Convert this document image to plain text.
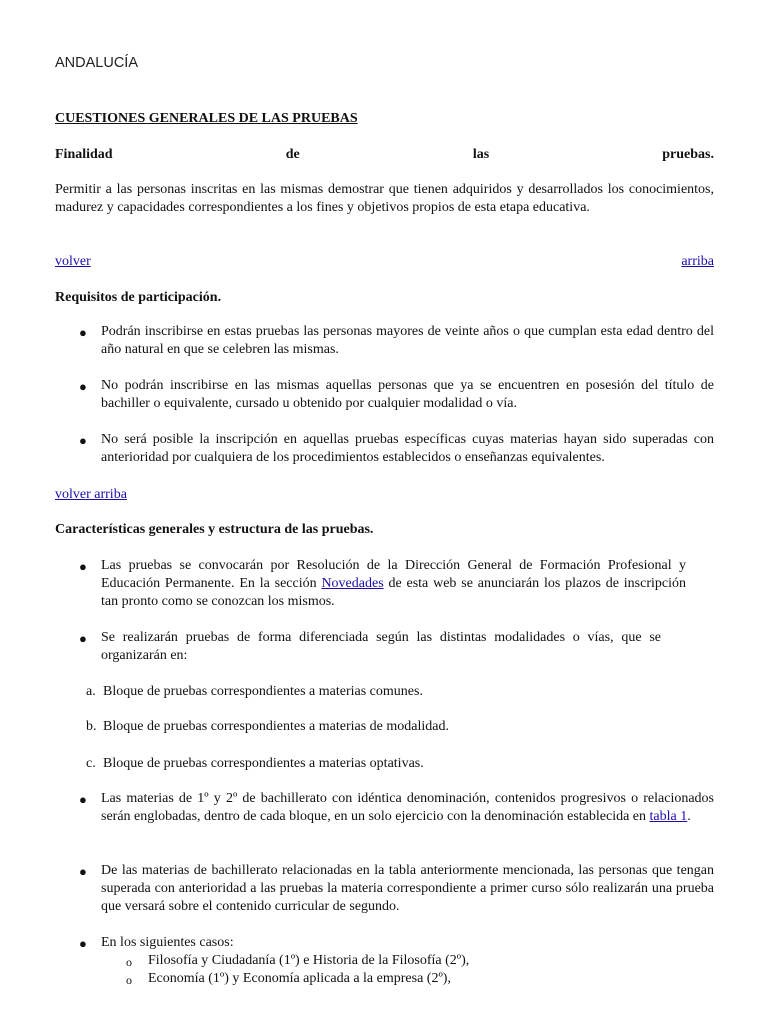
ANDALUCÍA
CUESTIONES GENERALES DE LAS PRUEBAS
Finalidad	de	las	pruebas.
Permitir a las personas inscritas en las mismas demostrar que tienen adquiridos y desarrollados los conocimientos, madurez y capacidades correspondientes a los fines y objetivos propios de esta etapa educativa.
volver	arriba
Requisitos de participación.
● Podrán inscribirse en estas pruebas las personas mayores de veinte años o que cumplan esta edad dentro del año natural en que se celebren las mismas.
● No podrán inscribirse en las mismas aquellas personas que ya se encuentren en posesión del título de bachiller o equivalente, cursado u obtenido por cualquier modalidad o vía.
● No será posible la inscripción en aquellas pruebas específicas cuyas materias hayan sido superadas con anterioridad por cualquiera de los procedimientos establecidos o enseñanzas equivalentes.
volver arriba
Características generales y estructura de las pruebas.
● Las pruebas se convocarán por Resolución de la Dirección General de Formación Profesional y Educación Permanente. En la sección Novedades de esta web se anunciarán los plazos de inscripción tan pronto como se conozcan los mismos.
● Se realizarán pruebas de forma diferenciada según las distintas modalidades o vías, que se organizarán en:
a. Bloque de pruebas correspondientes a materias comunes.
b. Bloque de pruebas correspondientes a materias de modalidad.
c. Bloque de pruebas correspondientes a materias optativas.
● Las materias de 1º y 2º de bachillerato con idéntica denominación, contenidos progresivos o relacionados serán englobadas, dentro de cada bloque, en un solo ejercicio con la denominación establecida en tabla 1.
● De las materias de bachillerato relacionadas en la tabla anteriormente mencionada, las personas que tengan superada con anterioridad a las pruebas la materia correspondiente a primer curso sólo realizarán una prueba que versará sobre el contenido curricular de segundo.
● En los siguientes casos:
o Filosofía y Ciudadanía (1º) e Historia de la Filosofía (2º),
o Economía (1º) y Economía aplicada a la empresa (2º),
